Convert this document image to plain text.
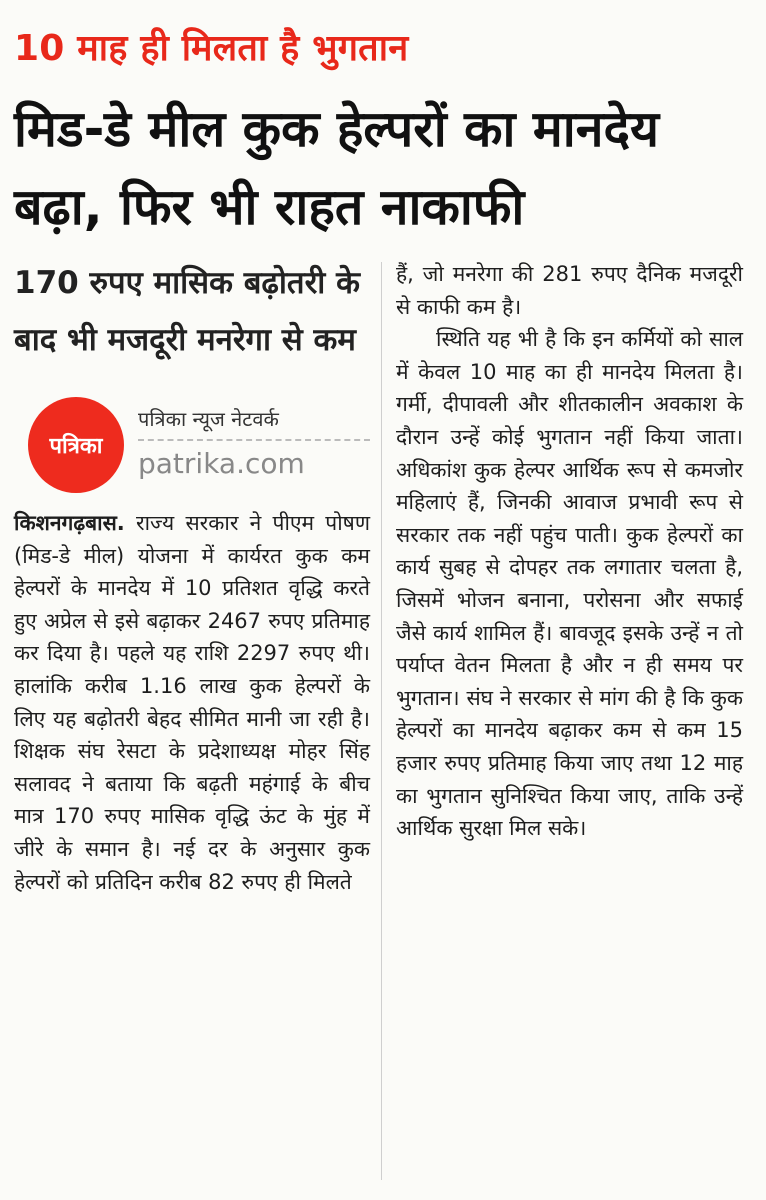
10 माह ही मिलता है भुगतान
मिड-डे मील कुक हेल्परों का मानदेय बढ़ा, फिर भी राहत नाकाफी
170 रुपए मासिक बढ़ोतरी के बाद भी मजदूरी मनरेगा से कम
पत्रिका
पत्रिका न्यूज नेटवर्क
patrika.com

किशनगढ़बास. राज्य सरकार ने पीएम पोषण (मिड-डे मील) योजना में कार्यरत कुक कम हेल्परों के मानदेय में 10 प्रतिशत वृद्धि करते हुए अप्रेल से इसे बढ़ाकर 2467 रुपए प्रतिमाह कर दिया है। पहले यह राशि 2297 रुपए थी। हालांकि करीब 1.16 लाख कुक हेल्परों के लिए यह बढ़ोतरी बेहद सीमित मानी जा रही है। शिक्षक संघ रेसटा के प्रदेशाध्यक्ष मोहर सिंह सलावद ने बताया कि बढ़ती महंगाई के बीच मात्र 170 रुपए मासिक वृद्धि ऊंट के मुंह में जीरे के समान है। नई दर के अनुसार कुक हेल्परों को प्रतिदिन करीब 82 रुपए ही मिलते

हैं, जो मनरेगा की 281 रुपए दैनिक मजदूरी से काफी कम है।

स्थिति यह भी है कि इन कर्मियों को साल में केवल 10 माह का ही मानदेय मिलता है। गर्मी, दीपावली और शीतकालीन अवकाश के दौरान उन्हें कोई भुगतान नहीं किया जाता। अधिकांश कुक हेल्पर आर्थिक रूप से कमजोर महिलाएं हैं, जिनकी आवाज प्रभावी रूप से सरकार तक नहीं पहुंच पाती। कुक हेल्परों का कार्य सुबह से दोपहर तक लगातार चलता है, जिसमें भोजन बनाना, परोसना और सफाई जैसे कार्य शामिल हैं। बावजूद इसके उन्हें न तो पर्याप्त वेतन मिलता है और न ही समय पर भुगतान। संघ ने सरकार से मांग की है कि कुक हेल्परों का मानदेय बढ़ाकर कम से कम 15 हजार रुपए प्रतिमाह किया जाए तथा 12 माह का भुगतान सुनिश्चित किया जाए, ताकि उन्हें आर्थिक सुरक्षा मिल सके।
